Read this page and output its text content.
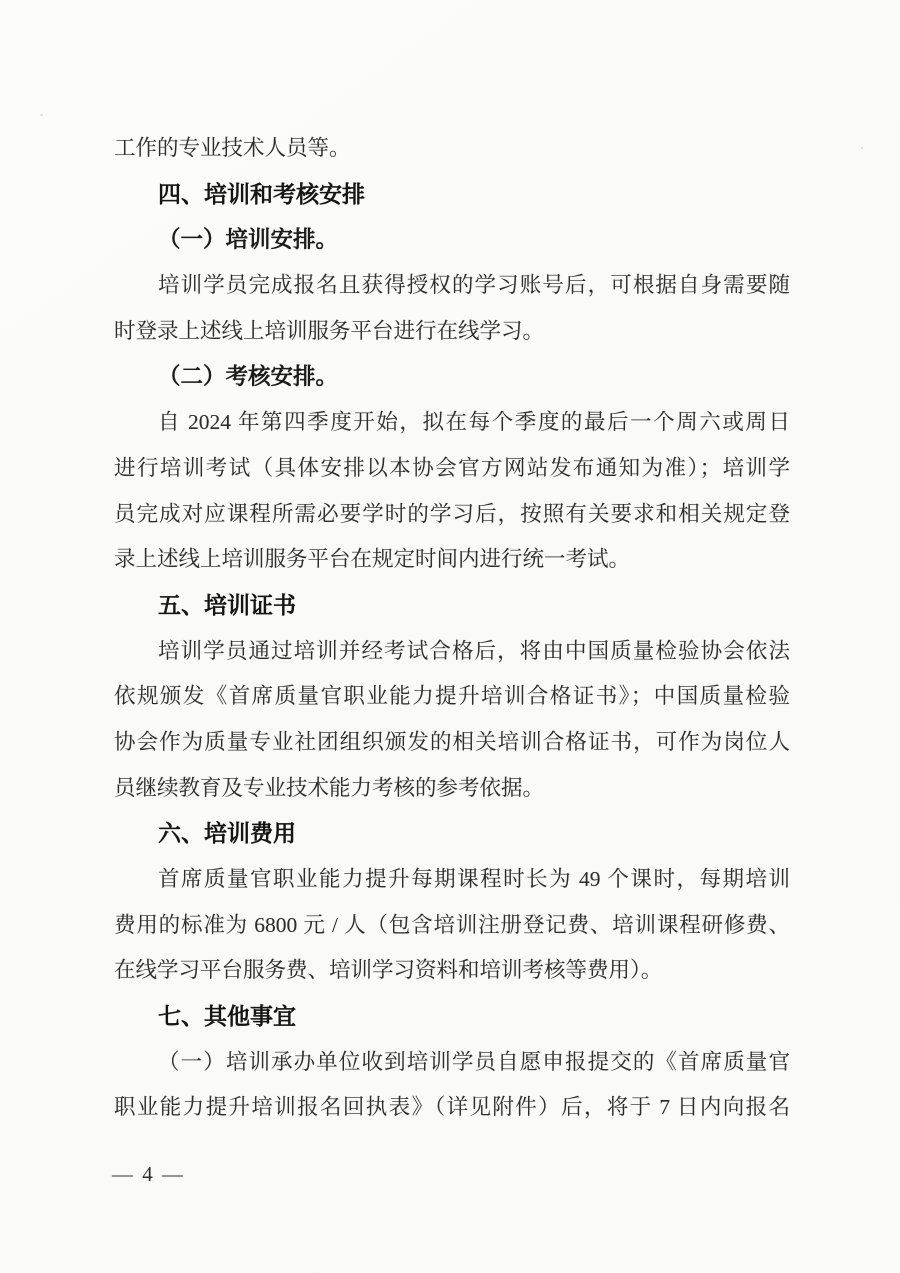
工作的专业技术人员等。
四、培训和考核安排
（一）培训安排。
培训学员完成报名且获得授权的学习账号后，可根据自身需要随
时登录上述线上培训服务平台进行在线学习。
（二）考核安排。
自 2024 年第四季度开始，拟在每个季度的最后一个周六或周日
进行培训考试（具体安排以本协会官方网站发布通知为准）；培训学
员完成对应课程所需必要学时的学习后，按照有关要求和相关规定登
录上述线上培训服务平台在规定时间内进行统一考试。
五、培训证书
培训学员通过培训并经考试合格后，将由中国质量检验协会依法
依规颁发《首席质量官职业能力提升培训合格证书》；中国质量检验
协会作为质量专业社团组织颁发的相关培训合格证书，可作为岗位人
员继续教育及专业技术能力考核的参考依据。
六、培训费用
首席质量官职业能力提升每期课程时长为 49 个课时，每期培训
费用的标准为 6800 元 / 人（包含培训注册登记费、培训课程研修费、
在线学习平台服务费、培训学习资料和培训考核等费用）。
七、其他事宜
（一）培训承办单位收到培训学员自愿申报提交的《首席质量官
职业能力提升培训报名回执表》（详见附件）后，将于 7 日内向报名
— 4 —
